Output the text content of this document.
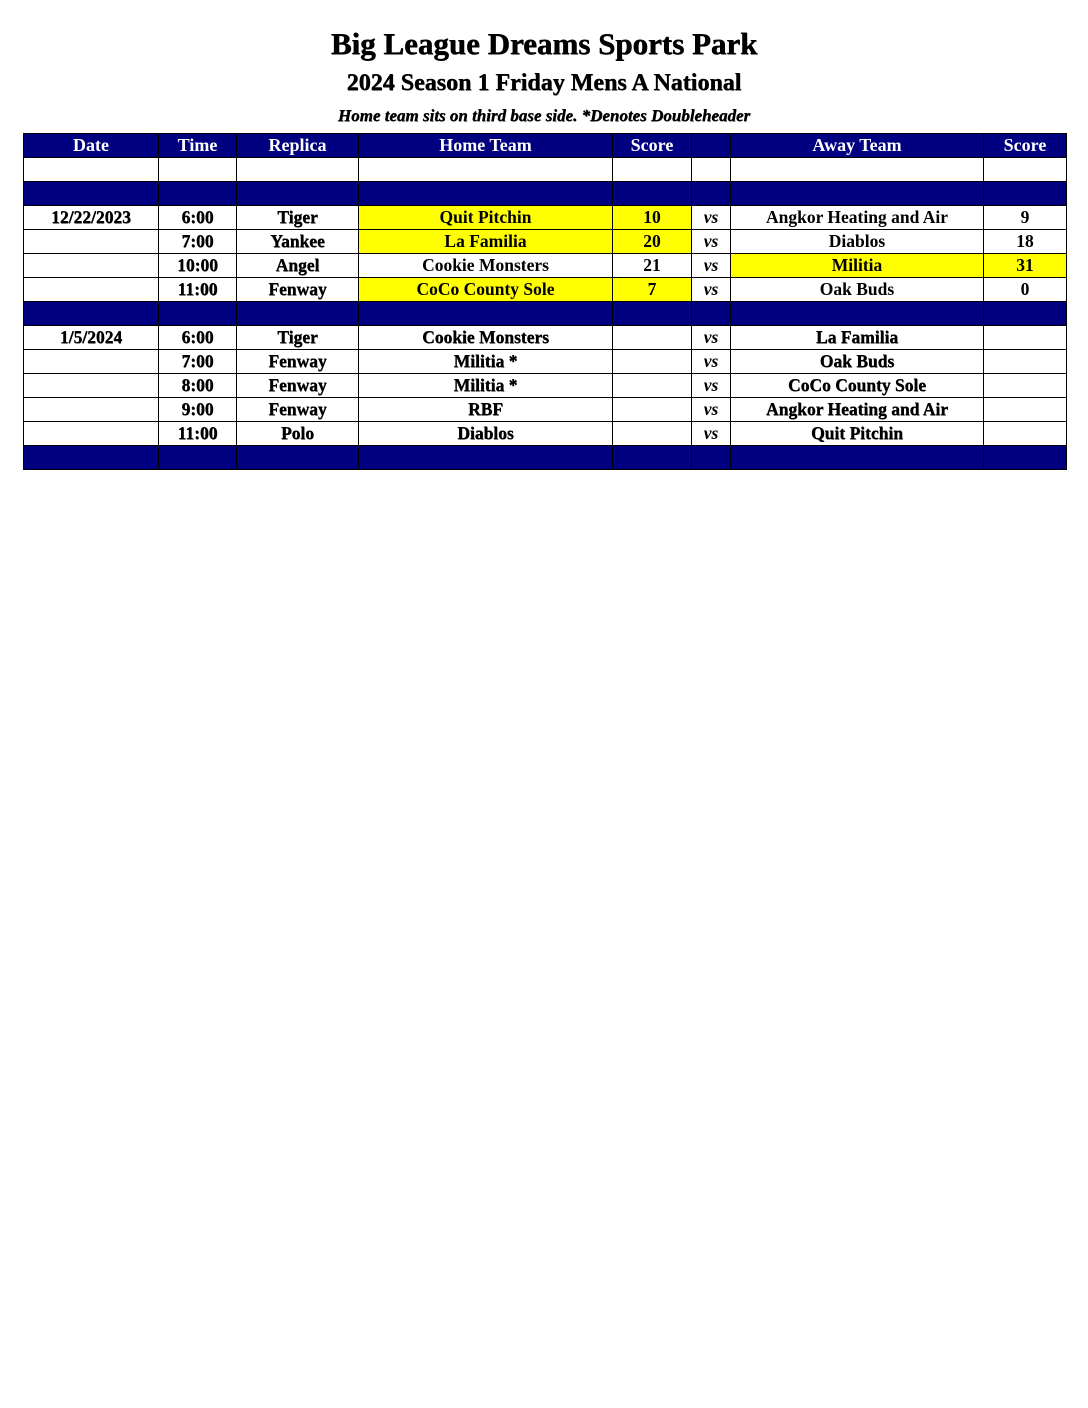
Big League Dreams Sports Park
2024 Season 1 Friday Mens A National
Home team sits on third base side. *Denotes Doubleheader
Date	Time	Replica	Home Team	Score		Away Team	Score

12/22/2023	6:00	Tiger	Quit Pitchin	10	vs	Angkor Heating and Air	9
	7:00	Yankee	La Familia	20	vs	Diablos	18
	10:00	Angel	Cookie Monsters	21	vs	Militia	31
	11:00	Fenway	CoCo County Sole	7	vs	Oak Buds	0

1/5/2024	6:00	Tiger	Cookie Monsters		vs	La Familia	
	7:00	Fenway	Militia *		vs	Oak Buds	
	8:00	Fenway	Militia *		vs	CoCo County Sole	
	9:00	Fenway	RBF		vs	Angkor Heating and Air	
	11:00	Polo	Diablos		vs	Quit Pitchin	
